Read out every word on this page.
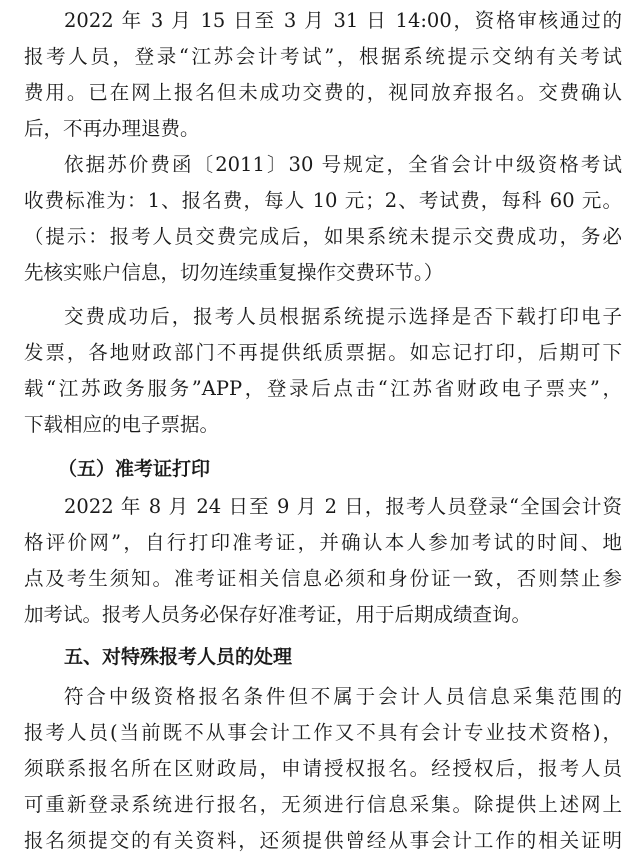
2022 年 3 月 15 日至 3 月 31 日 14:00，资格审核通过的
报考人员，登录“江苏会计考试”，根据系统提示交纳有关考试
费用。已在网上报名但未成功交费的，视同放弃报名。交费确认
后，不再办理退费。
依据苏价费函〔2011〕30 号规定，全省会计中级资格考试
收费标准为：1、报名费，每人 10 元；2、考试费，每科 60 元。
（提示：报考人员交费完成后，如果系统未提示交费成功，务必
先核实账户信息，切勿连续重复操作交费环节。）
交费成功后，报考人员根据系统提示选择是否下载打印电子
发票，各地财政部门不再提供纸质票据。如忘记打印，后期可下
载“江苏政务服务”APP，登录后点击“江苏省财政电子票夹”，
下载相应的电子票据。
（五）准考证打印
2022 年 8 月 24 日至 9 月 2 日，报考人员登录“全国会计资
格评价网”，自行打印准考证，并确认本人参加考试的时间、地
点及考生须知。准考证相关信息必须和身份证一致，否则禁止参
加考试。报考人员务必保存好准考证，用于后期成绩查询。
五、对特殊报考人员的处理
符合中级资格报名条件但不属于会计人员信息采集范围的
报考人员(当前既不从事会计工作又不具有会计专业技术资格)，
须联系报名所在区财政局，申请授权报名。经授权后，报考人员
可重新登录系统进行报名，无须进行信息采集。除提供上述网上
报名须提交的有关资料，还须提供曾经从事会计工作的相关证明
